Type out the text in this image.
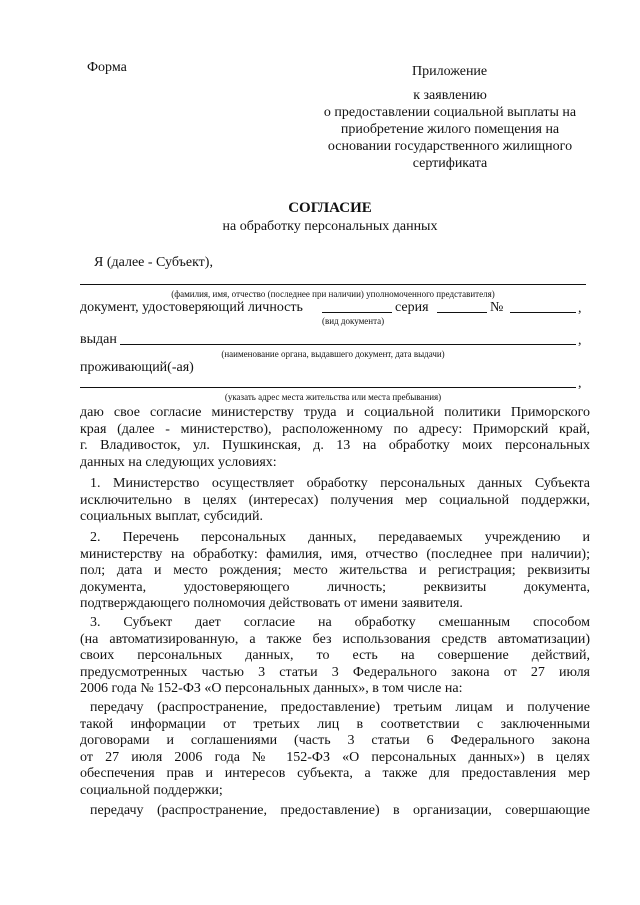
Форма	Приложение
к заявлению
о предоставлении социальной выплаты на
приобретение жилого помещения на
основании государственного жилищного
сертификата
СОГЛАСИЕ
на обработку персональных данных
Я (далее - Субъект),
(фамилия, имя, отчество (последнее при наличии) уполномоченного представителя)
документ, удостоверяющий личность	серия	№	,
(вид документа)
выдан	,
(наименование органа, выдавшего документ, дата выдачи)
проживающий(-ая)
,
(указать адрес места жительства или места пребывания)
даю свое согласие министерству труда и социальной политики Приморского
края (далее - министерство), расположенному по адресу: Приморский край,
г. Владивосток, ул. Пушкинская, д. 13 на обработку моих персональных
данных на следующих условиях:
1. Министерство осуществляет обработку персональных данных Субъекта
исключительно в целях (интересах) получения мер социальной поддержки,
социальных выплат, субсидий.
2. Перечень персональных данных, передаваемых учреждению и
министерству на обработку: фамилия, имя, отчество (последнее при наличии);
пол; дата и место рождения; место жительства и регистрация; реквизиты
документа, удостоверяющего личность; реквизиты документа,
подтверждающего полномочия действовать от имени заявителя.
3. Субъект дает согласие на обработку смешанным способом
(на автоматизированную, а также без использования средств автоматизации)
своих персональных данных, то есть на совершение действий,
предусмотренных частью 3 статьи 3 Федерального закона от 27 июля
2006 года № 152-ФЗ «О персональных данных», в том числе на:
передачу (распространение, предоставление) третьим лицам и получение
такой информации от третьих лиц в соответствии с заключенными
договорами и соглашениями (часть 3 статьи 6 Федерального закона
от 27 июля 2006 года № 152-ФЗ «О персональных данных») в целях
обеспечения прав и интересов субъекта, а также для предоставления мер
социальной поддержки;
передачу (распространение, предоставление) в организации, совершающие
